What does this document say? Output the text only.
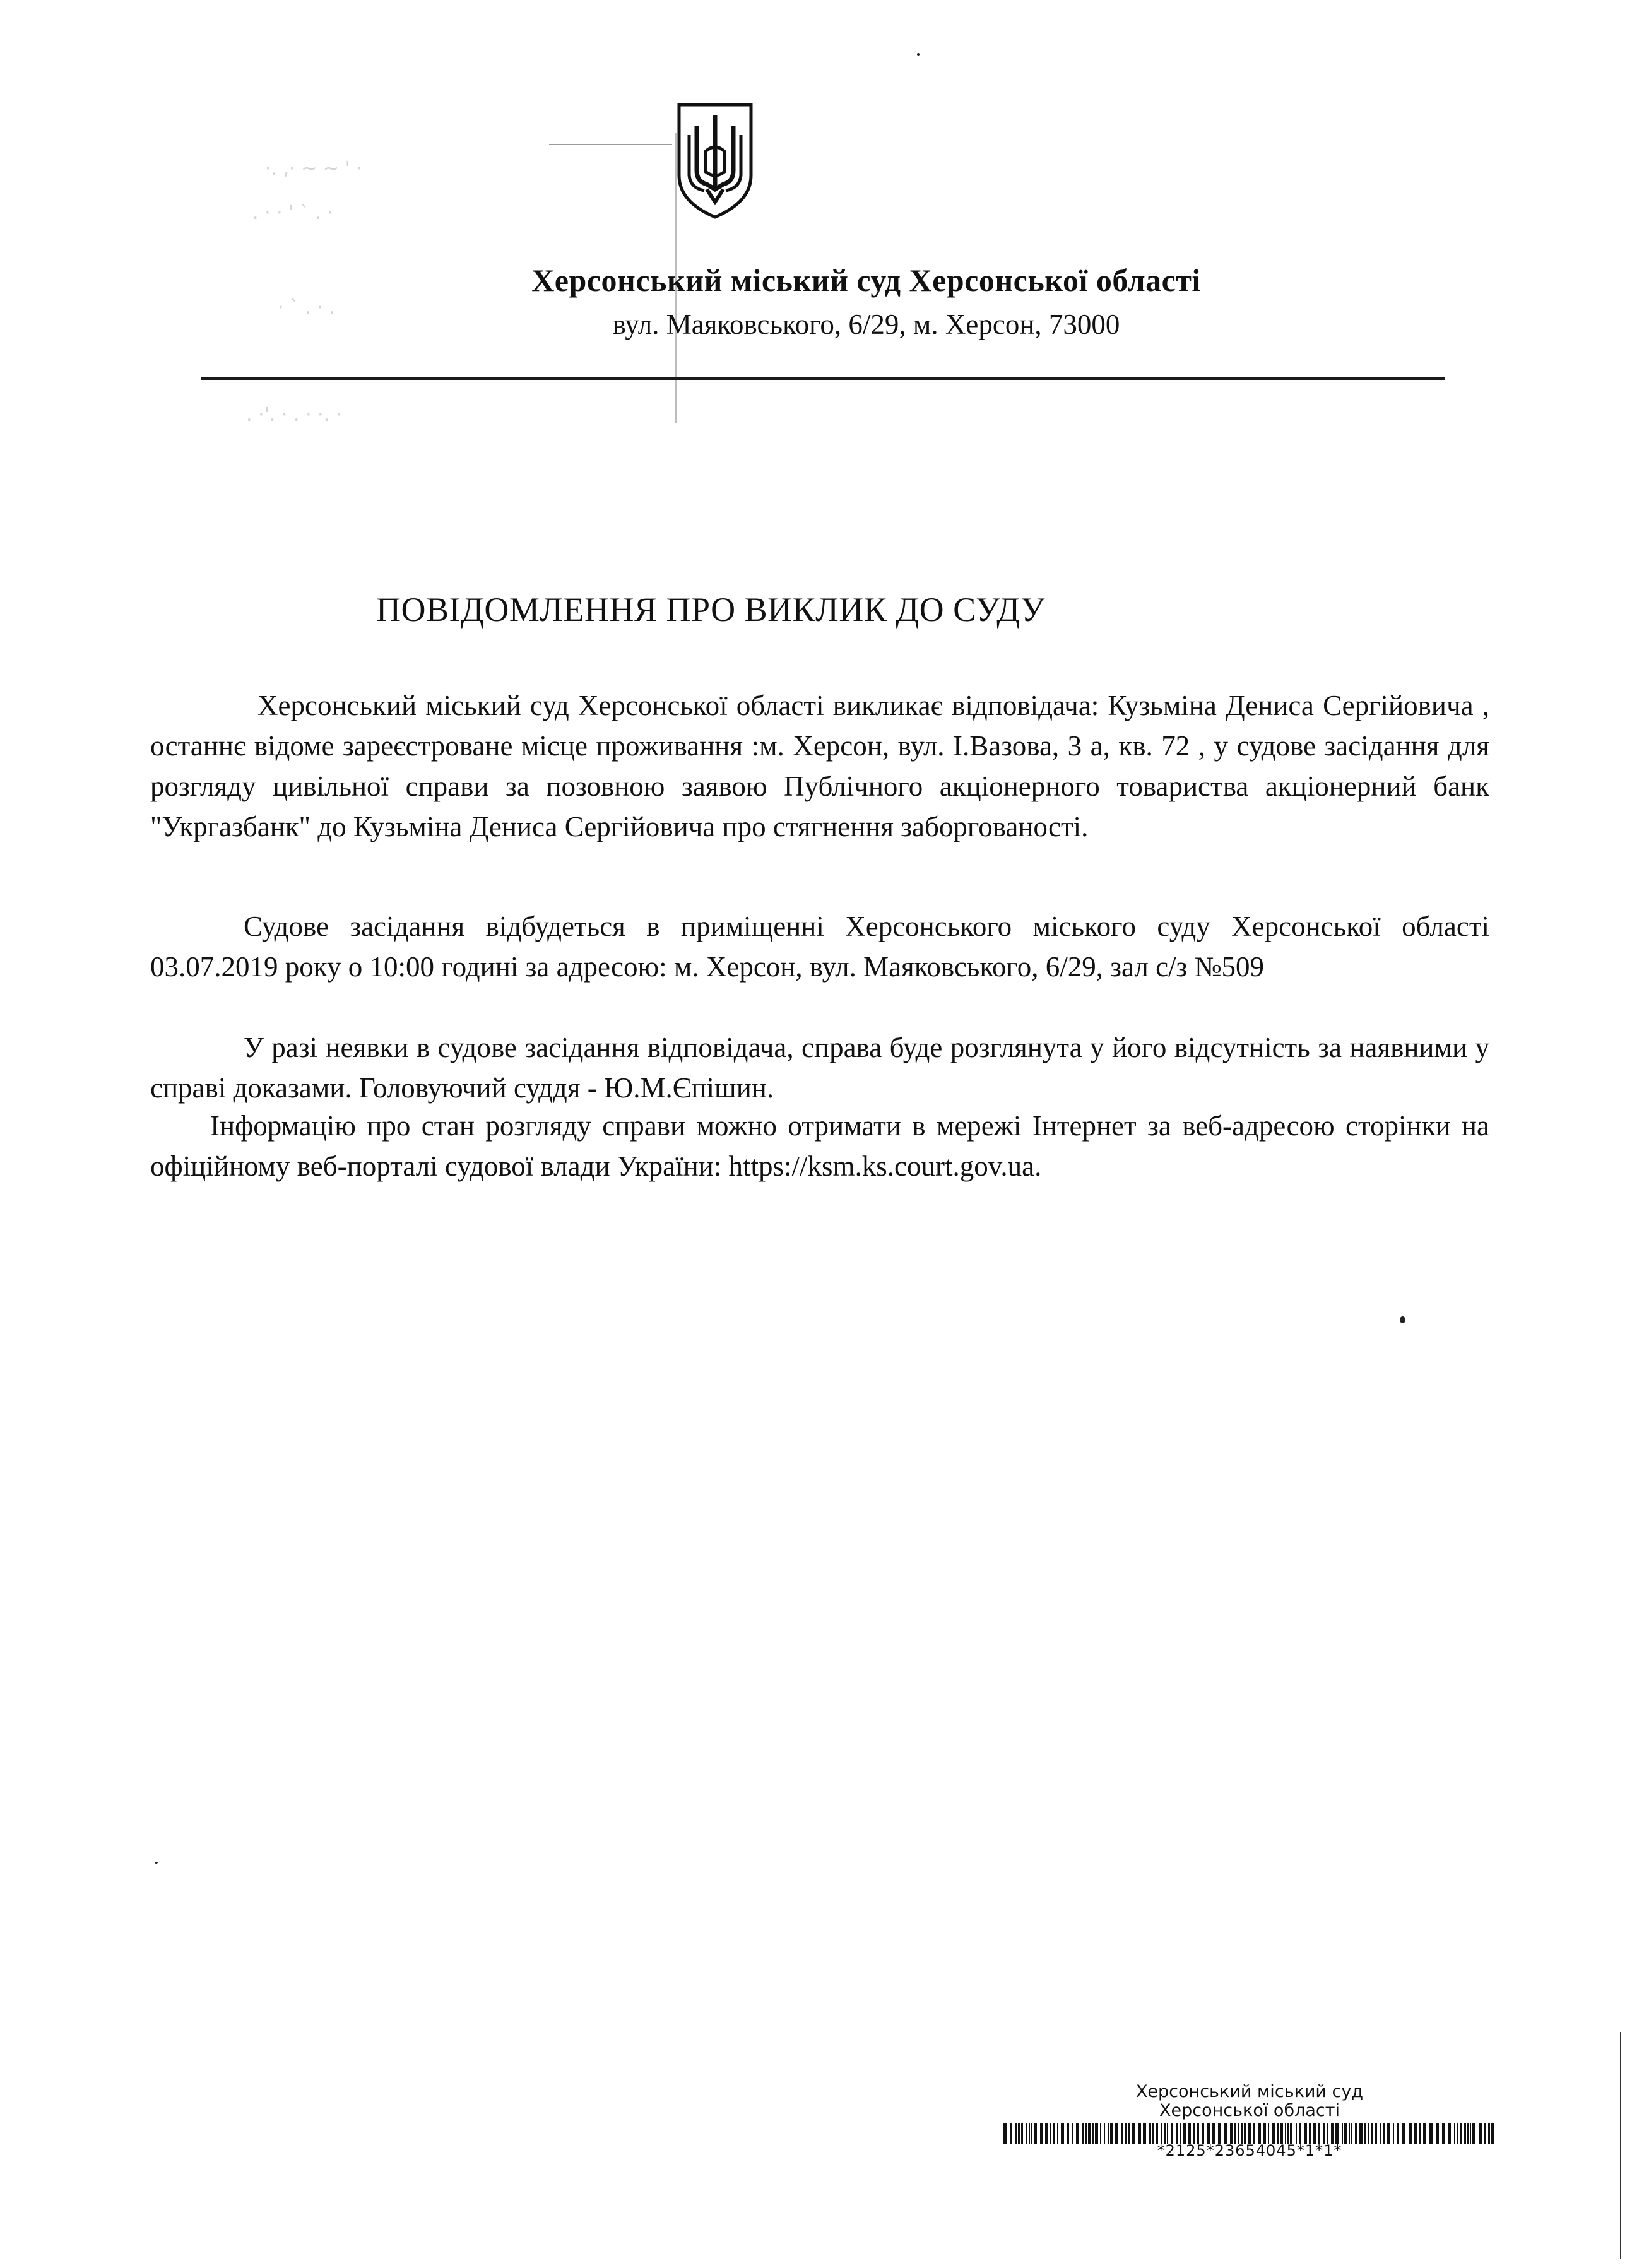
·. ,· ~ ~ ' ·
. · · ' ` . ·
· ` . · .
. ·'. · . · ·. ·
Херсонський міський суд Херсонської області
вул. Маяковського, 6/29, м. Херсон, 73000
ПОВІДОМЛЕННЯ ПРО ВИКЛИК ДО СУДУ
Херсонський міський суд Херсонської області викликає відповідача: Кузьміна Дениса Сергійовича , останнє відоме зареєстроване місце проживання :м. Херсон, вул. І.Вазова, 3 а, кв. 72 , у судове засідання для розгляду цивільної справи за позовною заявою Публічного акціонерного товариства акціонерний банк "Укргазбанк" до Кузьміна Дениса Сергійовича про стягнення заборгованості.
Судове засідання відбудеться в приміщенні Херсонського міського суду Херсонської області 03.07.2019 року о 10:00 годині за адресою: м. Херсон, вул. Маяковського, 6/29, зал с/з №509
У разі неявки в судове засідання відповідача, справа буде розглянута у його відсутність за наявними у справі доказами. Головуючий суддя - Ю.М.Єпішин.
Інформацію про стан розгляду справи можно отримати в мережі Інтернет за веб-адресою сторінки на офіційному веб-порталі судової влади України: https://ksm.ks.court.gov.ua.
Херсонський міський суд
Херсонської області
*2125*23654045*1*1*
